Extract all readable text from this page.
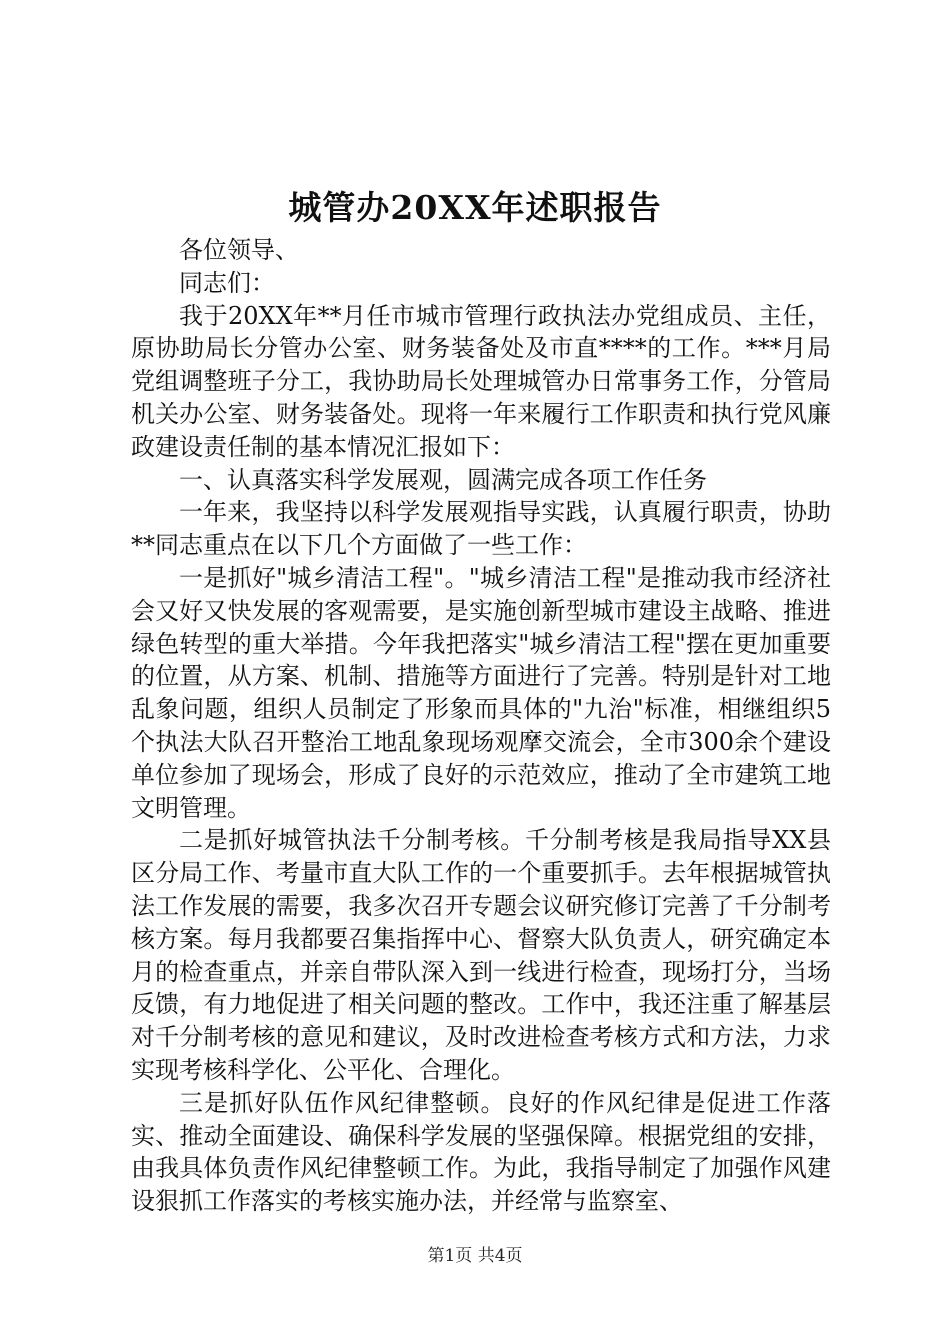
城管办20XX年述职报告

各位领导、

同志们：

我于20XX年**月任市城市管理行政执法办党组成员、主任，原协助局长分管办公室、财务装备处及市直****的工作。***月局党组调整班子分工，我协助局长处理城管办日常事务工作，分管局机关办公室、财务装备处。现将一年来履行工作职责和执行党风廉政建设责任制的基本情况汇报如下：

一、认真落实科学发展观，圆满完成各项工作任务

一年来，我坚持以科学发展观指导实践，认真履行职责，协助**同志重点在以下几个方面做了一些工作：

一是抓好"城乡清洁工程"。"城乡清洁工程"是推动我市经济社会又好又快发展的客观需要，是实施创新型城市建设主战略、推进绿色转型的重大举措。今年我把落实"城乡清洁工程"摆在更加重要的位置，从方案、机制、措施等方面进行了完善。特别是针对工地乱象问题，组织人员制定了形象而具体的"九治"标准，相继组织5个执法大队召开整治工地乱象现场观摩交流会，全市300余个建设单位参加了现场会，形成了良好的示范效应，推动了全市建筑工地文明管理。

二是抓好城管执法千分制考核。千分制考核是我局指导XX县区分局工作、考量市直大队工作的一个重要抓手。去年根据城管执法工作发展的需要，我多次召开专题会议研究修订完善了千分制考核方案。每月我都要召集指挥中心、督察大队负责人，研究确定本月的检查重点，并亲自带队深入到一线进行检查，现场打分，当场反馈，有力地促进了相关问题的整改。工作中，我还注重了解基层对千分制考核的意见和建议，及时改进检查考核方式和方法，力求实现考核科学化、公平化、合理化。

三是抓好队伍作风纪律整顿。良好的作风纪律是促进工作落实、推动全面建设、确保科学发展的坚强保障。根据党组的安排，由我具体负责作风纪律整顿工作。为此，我指导制定了加强作风建设狠抓工作落实的考核实施办法，并经常与监察室、

第1页 共4页
